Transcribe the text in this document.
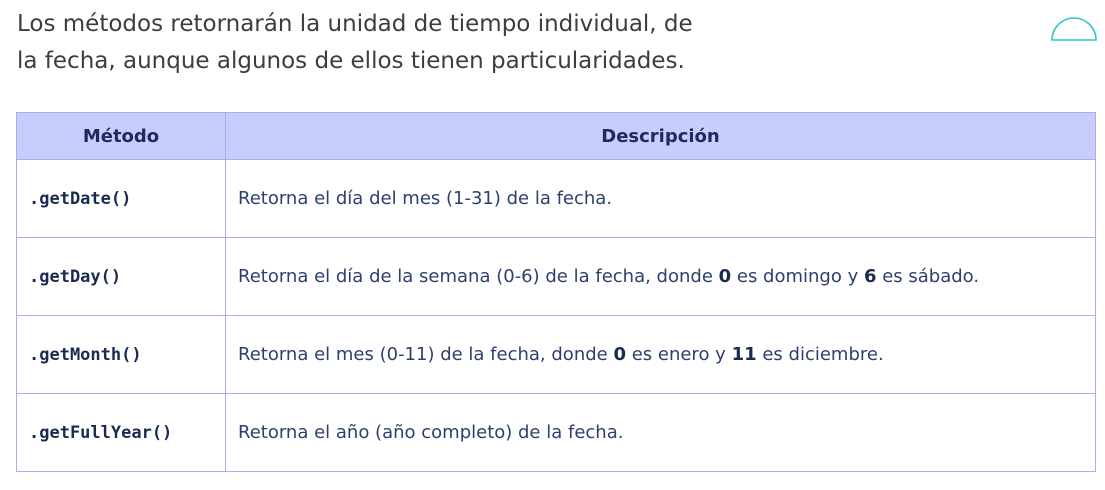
Los métodos retornarán la unidad de tiempo individual, de
la fecha, aunque algunos de ellos tienen particularidades.

Método	Descripción
.getDate()	Retorna el día del mes (1-31) de la fecha.
.getDay()	Retorna el día de la semana (0-6) de la fecha, donde 0 es domingo y 6 es sábado.
.getMonth()	Retorna el mes (0-11) de la fecha, donde 0 es enero y 11 es diciembre.
.getFullYear()	Retorna el año (año completo) de la fecha.
